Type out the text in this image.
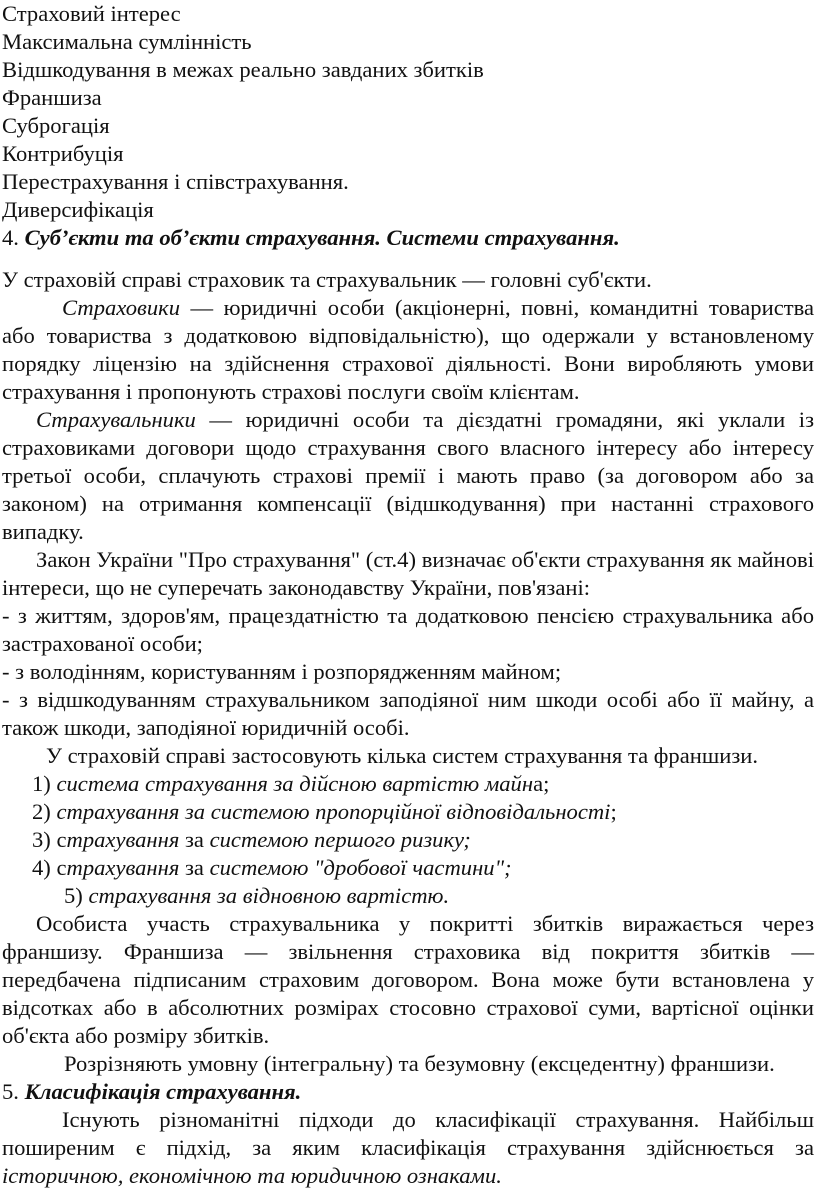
Страховий інтерес
Максимальна сумлінність
Відшкодування в межах реально завданих збитків
Франшиза
Суброгація
Контрибуція
Перестрахування і співстрахування.
Диверсифікація
4. Суб’єкти та об’єкти страхування. Системи страхування.
У страховій справі страховик та страхувальник — головні суб'єкти.
Страховики — юридичні особи (акціонерні, повні, командитні товариства або товариства з додатковою відповідальністю), що одержали у встановленому порядку ліцензію на здійснення страхової діяльності. Вони виробляють умови страхування і пропонують страхові послуги своїм клієнтам.
Страхувальники — юридичні особи та дієздатні громадяни, які уклали із страховиками договори щодо страхування свого власного інтересу або інтересу третьої особи, сплачують страхові премії і мають право (за договором або за законом) на отримання компенсації (відшкодування) при настанні страхового випадку.
Закон України "Про страхування" (ст.4) визначає об'єкти страхування як майнові інтереси, що не суперечать законодавству України, пов'язані:
- з життям, здоров'ям, працездатністю та додатковою пенсією страхувальника або застрахованої особи;
- з володінням, користуванням і розпорядженням майном;
- з відшкодуванням страхувальником заподіяної ним шкоди особі або її майну, а також шкоди, заподіяної юридичній особі.
У страховій справі застосовують кілька систем страхування та франшизи.
1) система страхування за дійсною вартістю майна;
2) страхування за системою пропорційної відповідальності;
3) страхування за системою першого ризику;
4) страхування за системою "дробової частини";
5) страхування за відновною вартістю.
Особиста участь страхувальника у покритті збитків виражається через франшизу. Франшиза — звільнення страховика від покриття збитків — передбачена підписаним страховим договором. Вона може бути встановлена у відсотках або в абсолютних розмірах стосовно страхової суми, вартісної оцінки об'єкта або розміру збитків.
Розрізняють умовну (інтегральну) та безумовну (ексцедентну) франшизи.
5. Класифікація страхування.
Існують різноманітні підходи до класифікації страхування. Найбільш поширеним є підхід, за яким класифікація страхування здійснюється за історичною, економічною та юридичною ознаками.
